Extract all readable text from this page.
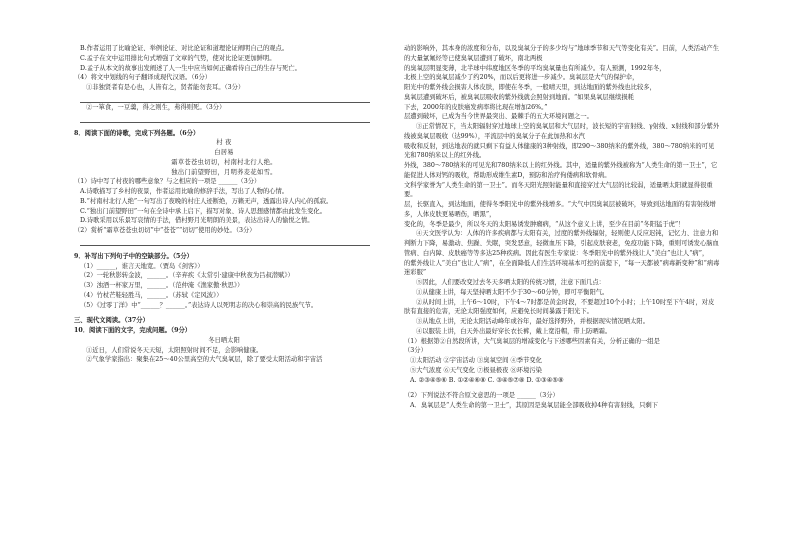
B.作者运用了比喻论证、举例论证、对比论证和道理论证阐明自己的观点。

C.孟子在文中运用排比句式增强了文章的气势，使对比论证更加鲜明。

D.孟子从本文的故事出发阐述了人一生中应当如何正确看待自己的生存与死亡。

（4）将文中划线的句子翻译成现代汉语。（6分）

①非独贤者有是心也，人皆有之，贤者能勿丧耳。（3分）

②一箪食，一豆羹，得之则生，弗得则死。（3分）

8．阅读下面的诗歌，完成下列各题。（6分）

村 夜

白居易

霜草苍苍虫切切，村南村北行人绝。

独出门前望野田，月明荞麦花如雪。

（1）诗中写了村夜的哪些意象？与之相应的一项是 ______（3分）

A.诗歌描写了乡村的夜景，作者运用比喻的修辞手法，写出了人物的心情。

B.“村南村北行人绝”一句写出了夜晚的村庄人迹断绝，万籁无声，透露出诗人内心的孤寂。

C.“独出门前望野田”一句在全诗中承上启下，描写对象、诗人思想感情都由此发生变化。

D.诗歌采用以乐景写哀情的手法，借村野月光明朗的美景，表达出诗人的愉悦之情。

（2）赏析“霜草苍苍虫切切”中“苍苍”“切切”使用的妙处。（3分）

9．补写出下列句子中的空缺部分。（5分）

（1）______，谁言天地宽。（贾岛《剑客》）

（2）一轮秋影转金波，______。（辛弃疾《太常引·建康中秋夜为吕叔潜赋》）

（3）浊酒一杯家万里，______。（范仲淹《渔家傲·秋思》）

（4）竹杖芒鞋轻胜马，______。（苏轼《定风波》）

（5）《过零丁洋》中“______？______。”表达诗人以死明志的决心和崇高的民族气节。

三、现代文阅读。（37分）

10．阅读下面的文字，完成问题。（9分）

冬日晒太阳

①近日，人们常说冬天天短，太阳照射时间不足，会影响健康。

②气象学家指出：聚集在25～40公里高空的大气臭氧层，除了要受太阳活动和宇宙活

动的影响外，其本身的浓度和分布，以及臭氧分子的多少均与“地球季节和天气等变化有关”。目前，人类活动产生的大量氯氟烃等已使臭氧层遭到了破坏，南北两极

的臭氧层明显变薄，北半球中纬度地区冬季的平均臭氧量也有所减少。有人预测，1992年冬，

北极上空的臭氧层减少了约20%，而以后更将进一步减少。臭氧层是大气的保护伞，

阳光中的紫外线会损害人体皮肤，即使在冬季，一般晴天里，到达地面的紫外线也比较多，

臭氧层遭到破坏后，被臭氧层吸收的紫外线就会照射到地面。“如果臭氧层继续损耗

下去，2000年的皮肤癌发病率将比现在增加26%。”

层遭到破坏，已成为当今世界最突出、最棘手的五大环境问题之一。

③正常情况下，当太阳辐射穿过地球上空的臭氧层和大气层时，波长短的宇宙射线、γ射线、x射线和部分紫外线被臭氧层吸收（达99%），平流层中的臭氧分子在此加热和水汽

吸收和反射，到达地表的就只剩下有益人体健康的3种射线，即290～380纳米的紫外线，380～780纳米的可见光和780纳米以上的红外线。

外线，380～780纳米的可见光和780纳米以上的红外线。其中，适量的紫外线被称为“人类生命的第一卫士”，它能促进人体对钙的吸收，帮助形成维生素D，预防和治疗佝偻病和软骨病。

文科学家誉为“人类生命的第一卫士”。而冬天阳光照射能量和直接穿过大气层的比较弱，适量晒太阳就显得很重要。

层，长驱直入，到达地面，使得冬季阳光中的紫外线增多。“大气中因臭氧层被破坏，导致到达地面的有害射线增多，人体皮肤更易晒伤，晒黑”，

变化的，冬季是最少，所以冬天的太阳易诱发肿瘤病，“从这个意义上讲，至少在目前“冬阳猛于虎”！

④天文医学认为：人体的许多疾病都与太阳有关，过度的紫外线辐射，轻则使人反应迟钝，记忆力、注意力和判断力下降，易激动、焦躁、失眠，突发恶意，轻微血压下降，引起皮肤衰老，免疫功能下降，重则可诱发心脑血管病、白内障、皮肤癌等等多达25种疾病。因此有医生专家说：冬季阳光中的紫外线让人“美白”也让人“病”，

的紫外线让人“美白”也让人“病”，在全面降低人们生活环境基本可控的前提下，“每一天都被“病毒新变种”和“病毒迷彩服”

⑤因此，人们要改变过去冬天多晒太阳的传统习惯，注意下面几点：

①从健康上讲，每天坚持晒太阳不少于30～60分钟，即可平衡阳气。

②从时间上讲，上午6～10时，下午4～7时都是黄金时段，不要超过10个小时；上午10时至下午4时，对皮肤有直接的危害，无论太阳强度如何，应避免长时间暴露于阳光下。

③从地点上讲，无论太阳活动峰年或谷年，最好选择野外，并根据现实情况晒太阳。

④以服装上讲，白天外出最好穿长衣长裤，戴上宽沿帽，带上防晒霜。

（1）根据第②自然段所讲，大气臭氧层的增减变化与下述哪些因素有关，分析正确的一组是

（3分）

①太阳活动 ②宇宙活动 ③臭氧空间 ④季节变化

⑤大气浓度 ⑥天气变化 ⑦极昼极夜 ⑧环境污染

A. ②③④⑤⑥ B. ①②④⑥⑧ C. ③④⑤⑦⑧ D. ①③④⑤⑧

（2）下列说法不符合原文意思的一项是 ______（3分）

A．臭氧层是“人类生命的第一卫士”，其原因是臭氧层能全部吸收掉4种有害射线，只剩下
